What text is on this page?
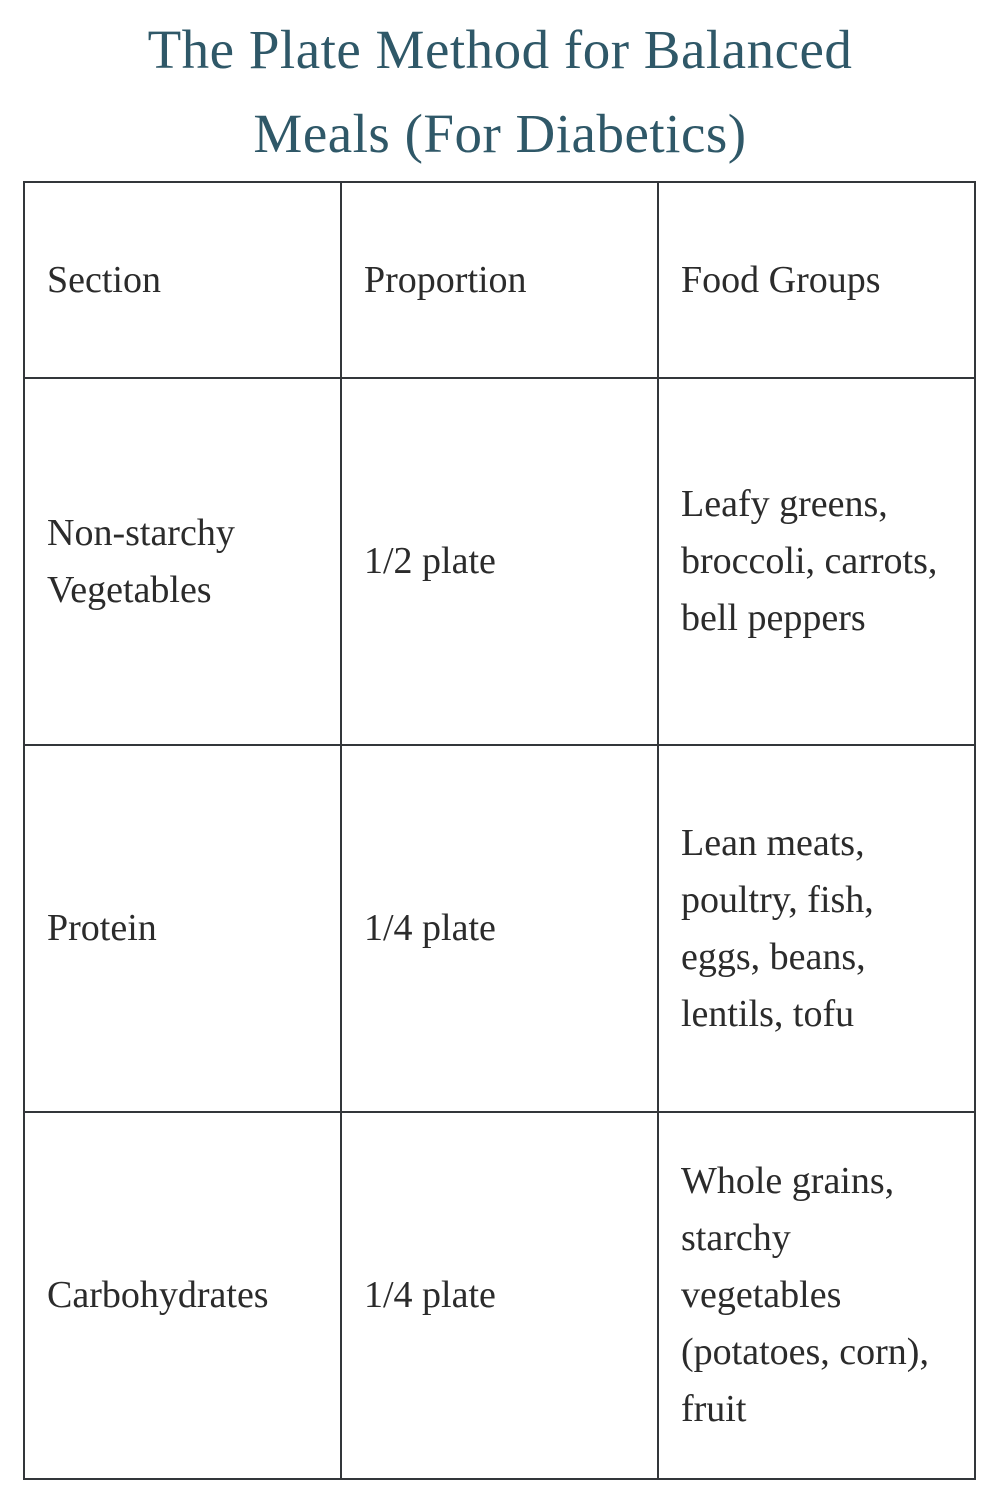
The Plate Method for Balanced
Meals (For Diabetics)
Section	Proportion	Food Groups

Non-starchy Vegetables	1/2 plate	Leafy greens, broccoli, carrots, bell peppers

Protein	1/4 plate	Lean meats, poultry, fish, eggs, beans, lentils, tofu

Carbohydrates	1/4 plate	Whole grains, starchy vegetables (potatoes, corn), fruit
